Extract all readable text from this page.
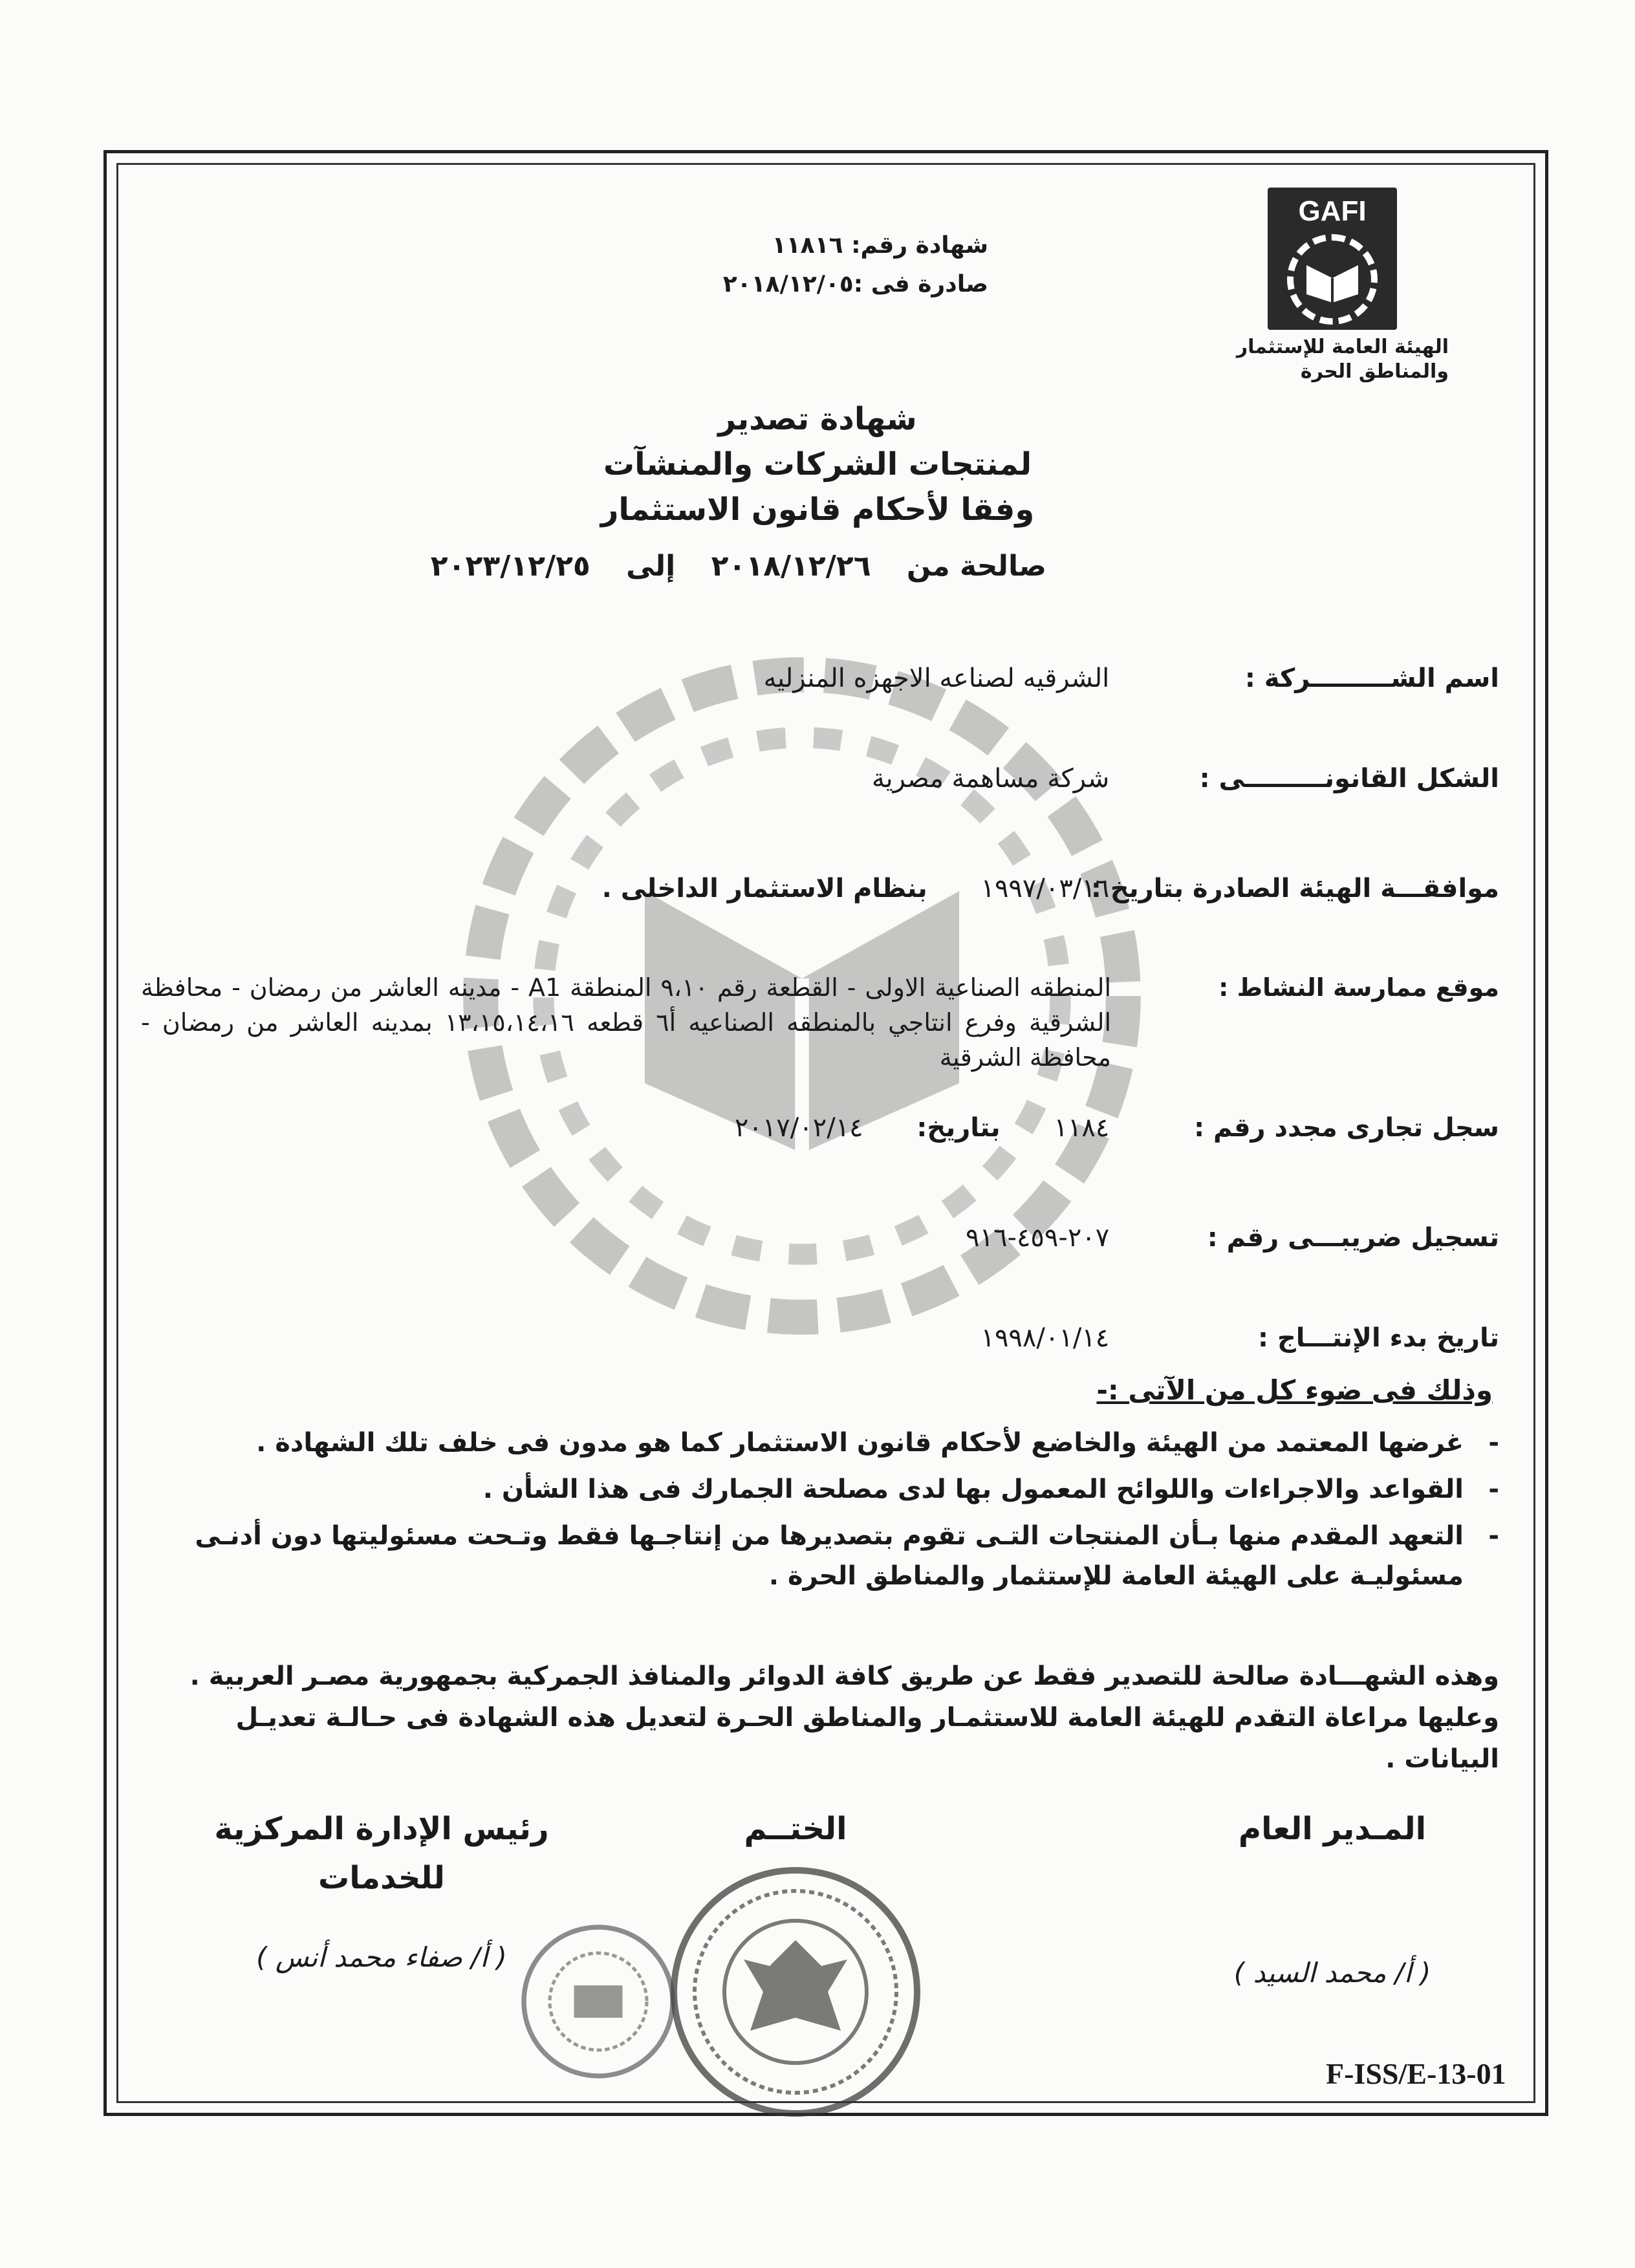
GAFI
الهيئة العامة للإستثمار
والمناطق الحرة
شهادة رقم: ١١٨١٦
صادرة فى :٢٠١٨/١٢/٠٥
شهادة تصدير
لمنتجات الشركات والمنشآت
وفقا لأحكام قانون الاستثمار
صالحة من ٢٠١٨/١٢/٢٦ إلى ٢٠٢٣/١٢/٢٥
اسم الشـــــــــركة : الشرقيه لصناعه الاجهزه المنزليه
الشكل القانونـــــــــى : شركة مساهمة مصرية
موافقـــة الهيئة الصادرة بتاريخ : ١٩٩٧/٠٣/١٦ بنظام الاستثمار الداخلى .
موقع ممارسة النشاط :
المنطقه الصناعية الاولى - القطعة رقم ٩،١٠ المنطقة A1 - مدينه العاشر من رمضان - محافظة الشرقية وفرع انتاجي بالمنطقه الصناعيه أ٦ قطعه ١٣،١٥،١٤،١٦ بمدينه العاشر من رمضان - محافظة الشرقية
سجل تجارى مجدد رقم : ١١٨٤ بتاريخ: ٢٠١٧/٠٢/١٤
تسجيل ضريبـــى رقم : ٢٠٧-٤٥٩-٩١٦
تاريخ بدء الإنتـــاج : ١٩٩٨/٠١/١٤
وذلك فى ضوء كل من الآتى :-
- غرضها المعتمد من الهيئة والخاضع لأحكام قانون الاستثمار كما هو مدون فى خلف تلك الشهادة .
- القواعد والاجراءات واللوائح المعمول بها لدى مصلحة الجمارك فى هذا الشأن .
- التعهد المقدم منها بـأن المنتجات التـى تقوم بتصديرها من إنتاجـها فقط وتـحت مسئوليتها دون أدنـى مسئوليـة على الهيئة العامة للإستثمار والمناطق الحرة .
وهذه الشهـــادة صالحة للتصدير فقط عن طريق كافة الدوائر والمنافذ الجمركية بجمهورية مصـر العربية .
وعليها مراعاة التقدم للهيئة العامة للاستثمـار والمناطق الحـرة لتعديل هذه الشهادة فى حـالـة تعديـل البيانات .
المـدير العام
( أ/ محمد السيد )
الختــم
رئيس الإدارة المركزية
للخدمات
( أ/ صفاء محمد أنس )
F-ISS/E-13-01
